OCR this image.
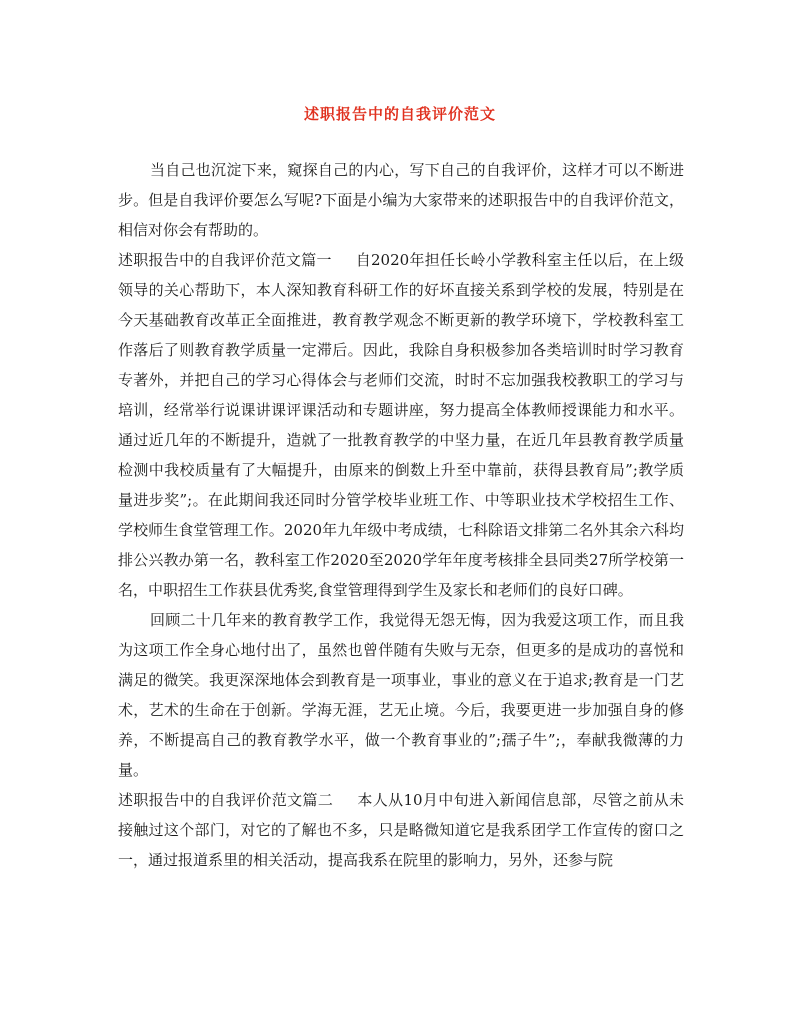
述职报告中的自我评价范文

当自己也沉淀下来，窥探自己的内心，写下自己的自我评价，这样才可以不断进步。但是自我评价要怎么写呢?下面是小编为大家带来的述职报告中的自我评价范文，相信对你会有帮助的。

述职报告中的自我评价范文篇一 自2020年担任长岭小学教科室主任以后，在上级领导的关心帮助下，本人深知教育科研工作的好坏直接关系到学校的发展，特别是在今天基础教育改革正全面推进，教育教学观念不断更新的教学环境下，学校教科室工作落后了则教育教学质量一定滞后。因此，我除自身积极参加各类培训时时学习教育专著外，并把自己的学习心得体会与老师们交流，时时不忘加强我校教职工的学习与培训，经常举行说课讲课评课活动和专题讲座，努力提高全体教师授课能力和水平。通过近几年的不断提升，造就了一批教育教学的中坚力量，在近几年县教育教学质量检测中我校质量有了大幅提升，由原来的倒数上升至中靠前，获得县教育局”;教学质量进步奖”;。在此期间我还同时分管学校毕业班工作、中等职业技术学校招生工作、学校师生食堂管理工作。2020年九年级中考成绩，七科除语文排第二名外其余六科均排公兴教办第一名，教科室工作2020至2020学年年度考核排全县同类27所学校第一名，中职招生工作获县优秀奖,食堂管理得到学生及家长和老师们的良好口碑。

回顾二十几年来的教育教学工作，我觉得无怨无悔，因为我爱这项工作，而且我为这项工作全身心地付出了，虽然也曾伴随有失败与无奈，但更多的是成功的喜悦和满足的微笑。我更深深地体会到教育是一项事业，事业的意义在于追求;教育是一门艺术，艺术的生命在于创新。学海无涯，艺无止境。今后，我要更进一步加强自身的修养，不断提高自己的教育教学水平，做一个教育事业的”;孺子牛”;，奉献我微薄的力量。

述职报告中的自我评价范文篇二 本人从10月中旬进入新闻信息部，尽管之前从未接触过这个部门，对它的了解也不多，只是略微知道它是我系团学工作宣传的窗口之一，通过报道系里的相关活动，提高我系在院里的影响力，另外，还参与院
